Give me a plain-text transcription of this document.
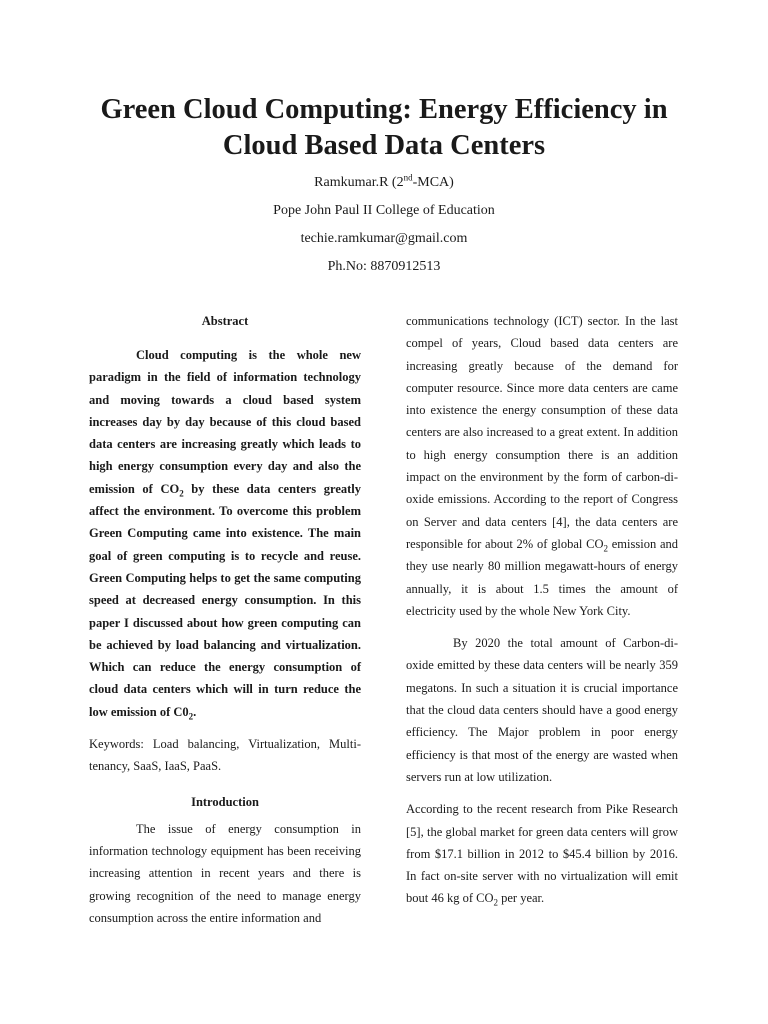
Green Cloud Computing: Energy Efficiency in
Cloud Based Data Centers
Ramkumar.R (2nd-MCA)
Pope John Paul II College of Education
techie.ramkumar@gmail.com
Ph.No: 8870912513
Abstract

Cloud computing is the whole new paradigm in the field of information technology and moving towards a cloud based system increases day by day because of this cloud based data centers are increasing greatly which leads to high energy consumption every day and also the emission of $CO_2$ by these data centers greatly affect the environment. To overcome this problem Green Computing came into existence. The main goal of green computing is to recycle and reuse. Green Computing helps to get the same computing speed at decreased energy consumption. In this paper I discussed about how green computing can be achieved by load balancing and virtualization. Which can reduce the energy consumption of cloud data centers which will in turn reduce the low emission of $C0_2$.

Keywords: Load balancing, Virtualization, Multi-tenancy, SaaS, IaaS, PaaS.

Introduction

The issue of energy consumption in information technology equipment has been receiving increasing attention in recent years and there is growing recognition of the need to manage energy consumption across the entire information and

communications technology (ICT) sector. In the last compel of years, Cloud based data centers are increasing greatly because of the demand for computer resource. Since more data centers are came into existence the energy consumption of these data centers are also increased to a great extent. In addition to high energy consumption there is an addition impact on the environment by the form of carbon-di-oxide emissions. According to the report of Congress on Server and data centers [4], the data centers are responsible for about 2% of global $CO_2$ emission and they use nearly 80 million megawatt-hours of energy annually, it is about 1.5 times the amount of electricity used by the whole New York City.

By 2020 the total amount of Carbon-di-oxide emitted by these data centers will be nearly 359 megatons. In such a situation it is crucial importance that the cloud data centers should have a good energy efficiency. The Major problem in poor energy efficiency is that most of the energy are wasted when servers run at low utilization.

According to the recent research from Pike Research [5], the global market for green data centers will grow from $17.1 billion in 2012 to $45.4 billion by 2016. In fact on-site server with no virtualization will emit bout 46 kg of $CO_2$ per year.
